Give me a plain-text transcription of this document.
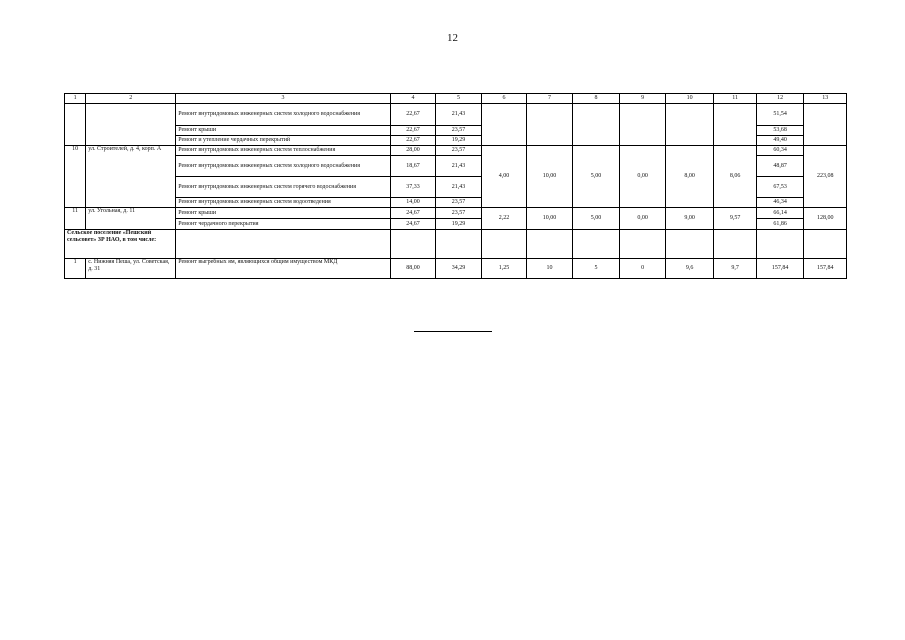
12
1	2	3	4	5	6	7	8	9	10	11	12	13
		Ремонт внутридомовых инженерных систем холодного водоснабжения	22,67	21,43							51,54	
		Ремонт крыши	22,67	23,57							53,68	
		Ремонт и утепление чердачных перекрытий	22,67	19,29							49,40	
10	ул. Строителей, д. 4, корп. А	Ремонт внутридомовых инженерных систем теплоснабжения	28,00	23,57	4,00	10,00	5,00	0,00	8,00	8,06	60,34	223,08
		Ремонт внутридомовых инженерных систем холодного водоснабжения	18,67	21,43							48,87	
		Ремонт внутридомовых инженерных систем горячего водоснабжения	37,33	21,43							67,53	
		Ремонт внутридомовых инженерных систем водоотведения	14,00	23,57							46,34	
11	ул. Угольная, д. 11	Ремонт крыши	24,67	23,57	2,22	10,00	5,00	0,00	9,00	9,57	66,14	128,00
		Ремонт чердачного перекрытия	24,67	19,29							61,86	
Сельское поселение «Пешский сельсовет» ЗР НАО, в том числе:												
1	с. Нижняя Пеша, ул. Советская, д. 31	Ремонт выгребных ям, являющихся общим имуществом МКД	88,00	34,29	1,25	10	5	0	9,6	9,7	157,84	157,84
